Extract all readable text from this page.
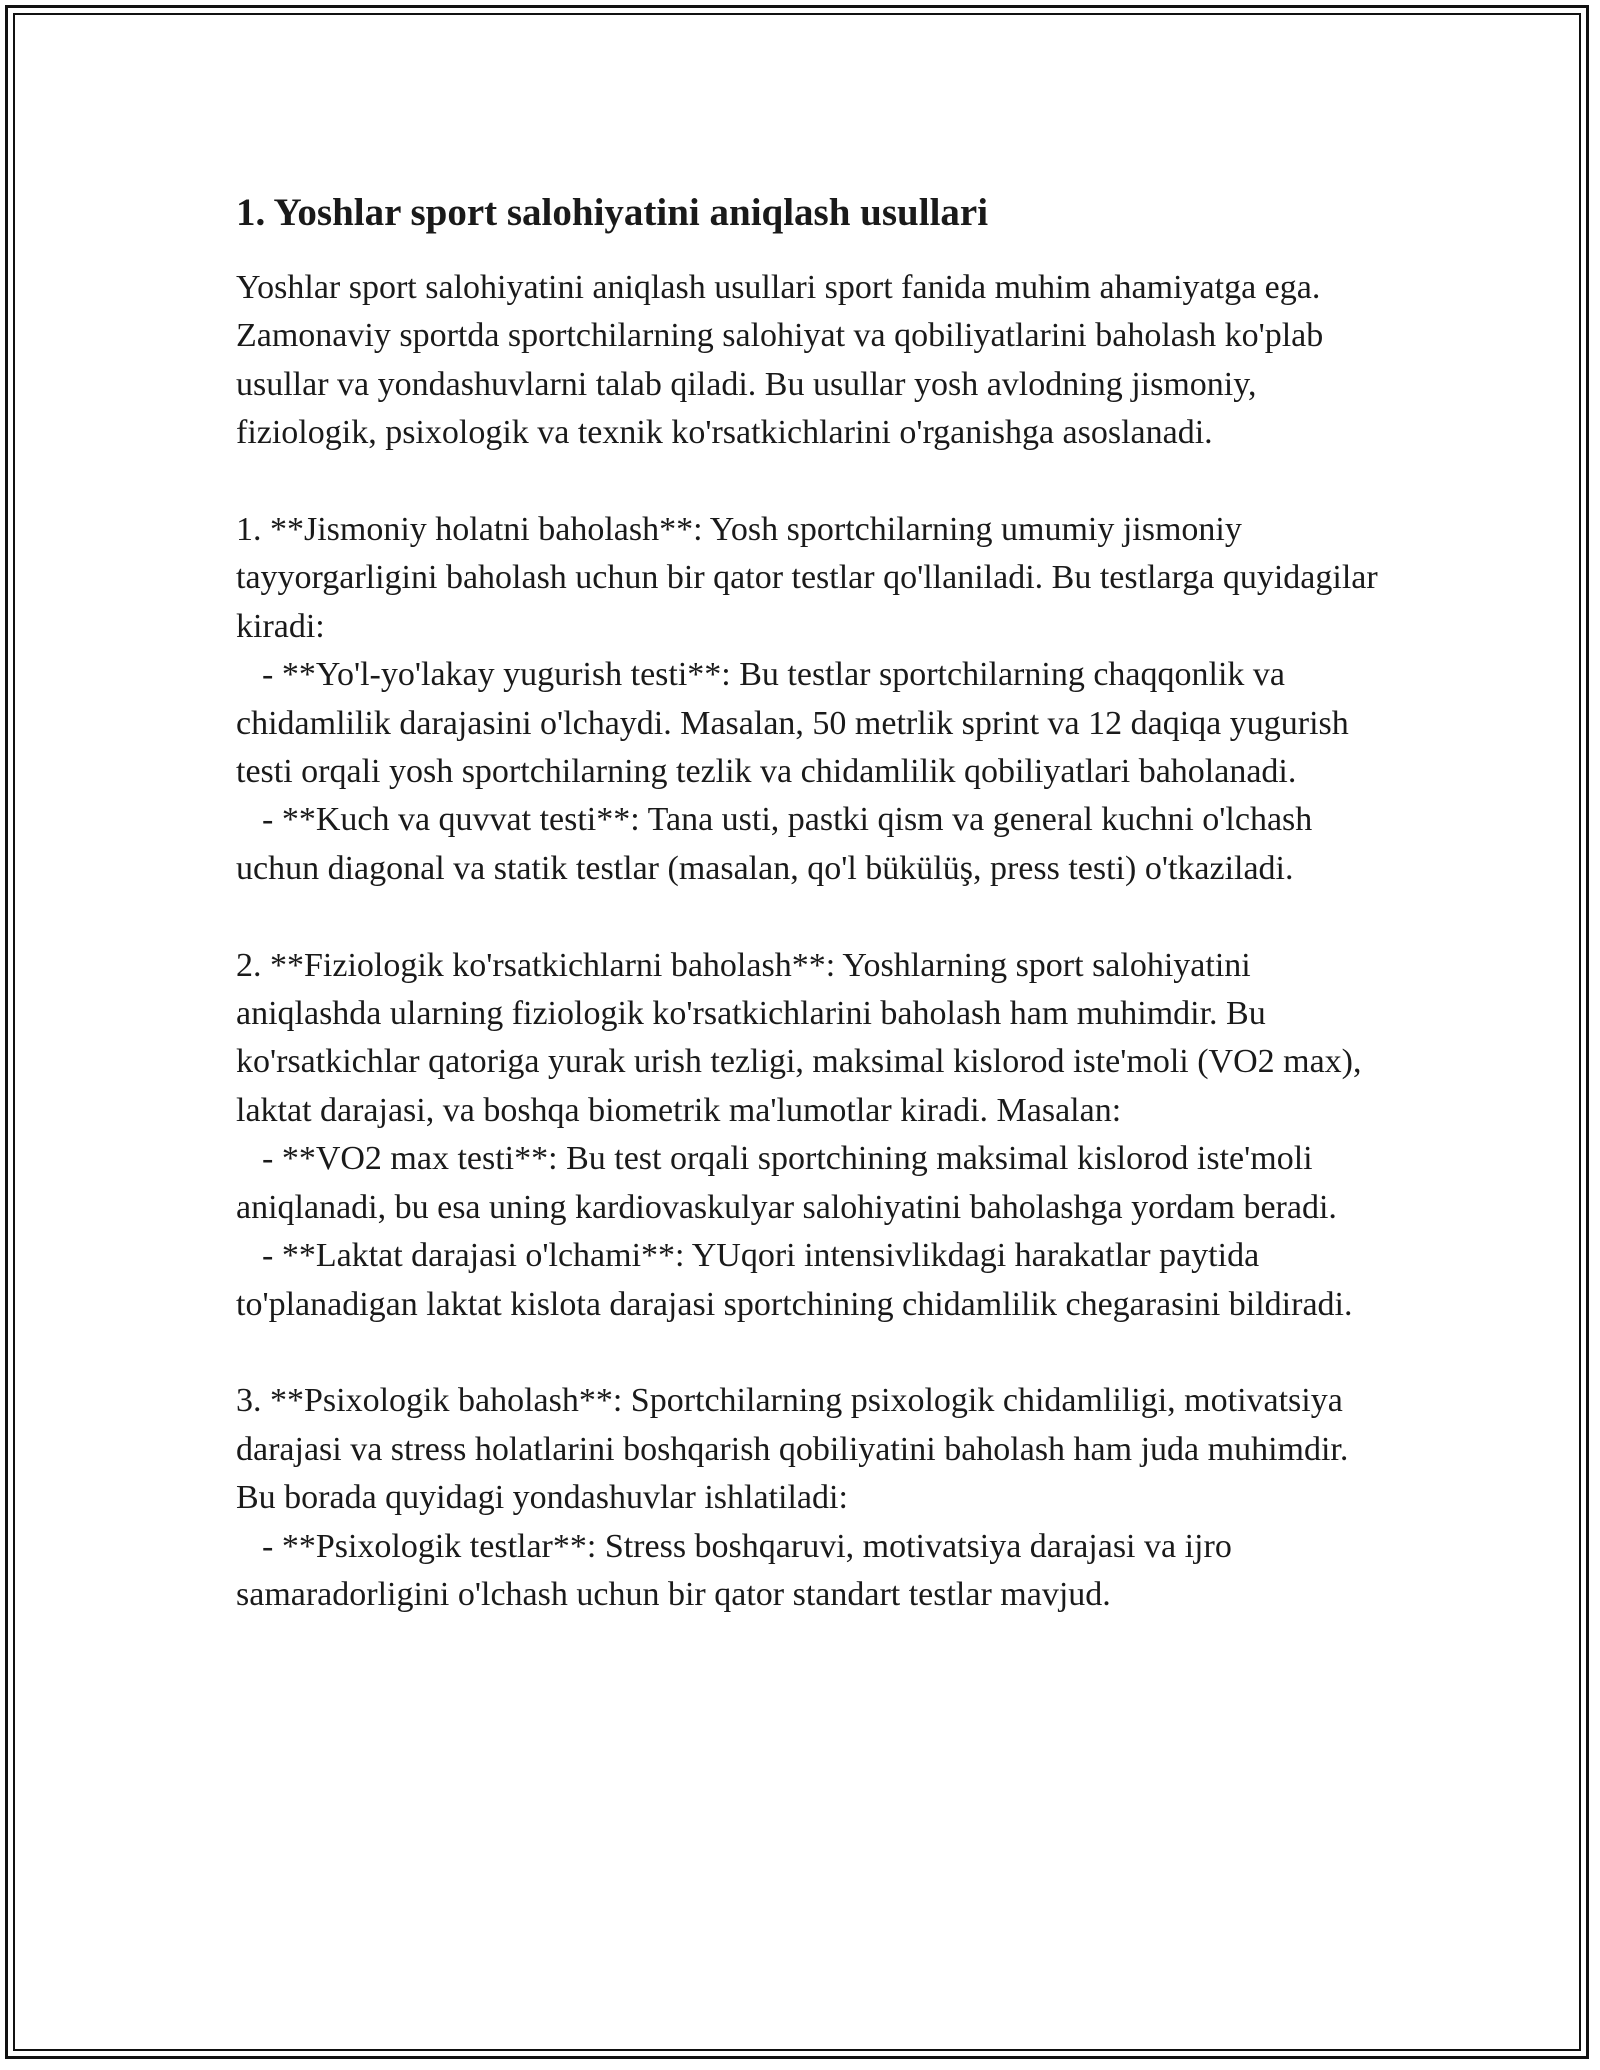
1. Yoshlar sport salohiyatini aniqlash usullari

Yoshlar sport salohiyatini aniqlash usullari sport fanida muhim ahamiyatga ega. Zamonaviy sportda sportchilarning salohiyat va qobiliyatlarini baholash ko'plab usullar va yondashuvlarni talab qiladi. Bu usullar yosh avlodning jismoniy, fiziologik, psixologik va texnik ko'rsatkichlarini o'rganishga asoslanadi.

1. **Jismoniy holatni baholash**: Yosh sportchilarning umumiy jismoniy tayyorgarligini baholash uchun bir qator testlar qo'llaniladi. Bu testlarga quyidagilar kiradi:

- **Yo'l-yo'lakay yugurish testi**: Bu testlar sportchilarning chaqqonlik va chidamlilik darajasini o'lchaydi. Masalan, 50 metrlik sprint va 12 daqiqa yugurish testi orqali yosh sportchilarning tezlik va chidamlilik qobiliyatlari baholanadi.

- **Kuch va quvvat testi**: Tana usti, pastki qism va general kuchni o'lchash uchun diagonal va statik testlar (masalan, qo'l bükülüş, press testi) o'tkaziladi.

2. **Fiziologik ko'rsatkichlarni baholash**: Yoshlarning sport salohiyatini aniqlashda ularning fiziologik ko'rsatkichlarini baholash ham muhimdir. Bu ko'rsatkichlar qatoriga yurak urish tezligi, maksimal kislorod iste'moli (VO2 max), laktat darajasi, va boshqa biometrik ma'lumotlar kiradi. Masalan:

- **VO2 max testi**: Bu test orqali sportchining maksimal kislorod iste'moli aniqlanadi, bu esa uning kardiovaskulyar salohiyatini baholashga yordam beradi.

- **Laktat darajasi o'lchami**: YUqori intensivlikdagi harakatlar paytida to'planadigan laktat kislota darajasi sportchining chidamlilik chegarasini bildiradi.

3. **Psixologik baholash**: Sportchilarning psixologik chidamliligi, motivatsiya darajasi va stress holatlarini boshqarish qobiliyatini baholash ham juda muhimdir. Bu borada quyidagi yondashuvlar ishlatiladi:

- **Psixologik testlar**: Stress boshqaruvi, motivatsiya darajasi va ijro samaradorligini o'lchash uchun bir qator standart testlar mavjud.
